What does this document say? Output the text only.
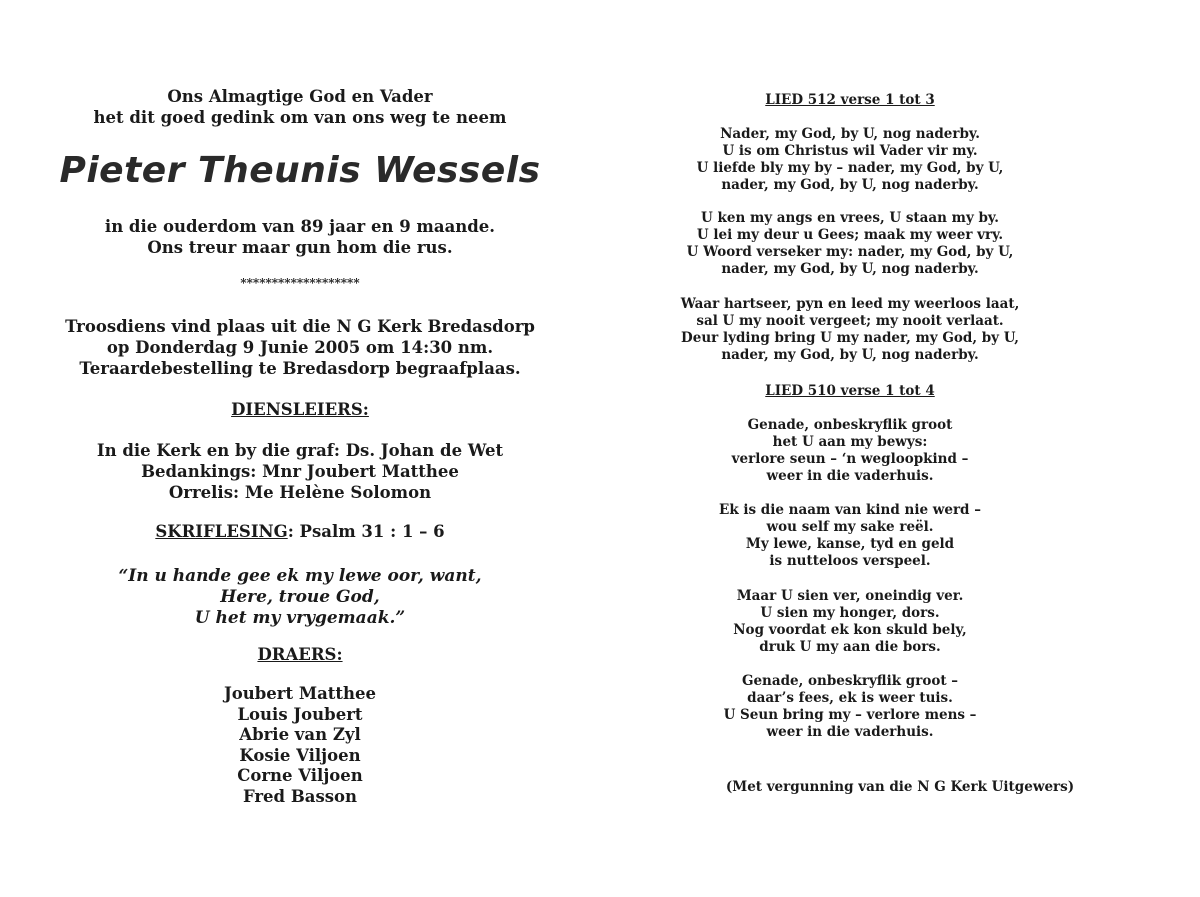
Ons Almagtige God en Vader
het dit goed gedink om van ons weg te neem
Pieter Theunis Wessels
in die ouderdom van 89 jaar en 9 maande.
Ons treur maar gun hom die rus.
*******************
Troosdiens vind plaas uit die N G Kerk Bredasdorp
op Donderdag 9 Junie 2005 om 14:30 nm.
Teraardebestelling te Bredasdorp begraafplaas.
DIENSLEIERS:
In die Kerk en by die graf: Ds. Johan de Wet
Bedankings: Mnr Joubert Matthee
Orrelis: Me Helène Solomon
SKRIFLESING: Psalm 31 : 1 – 6
“In u hande gee ek my lewe oor, want,
Here, troue God,
U het my vrygemaak.”
DRAERS:
Joubert Matthee
Louis Joubert
Abrie van Zyl
Kosie Viljoen
Corne Viljoen
Fred Basson
LIED 512 verse 1 tot 3
Nader, my God, by U, nog naderby.
U is om Christus wil Vader vir my.
U liefde bly my by – nader, my God, by U,
nader, my God, by U, nog naderby.
U ken my angs en vrees, U staan my by.
U lei my deur u Gees; maak my weer vry.
U Woord verseker my: nader, my God, by U,
nader, my God, by U, nog naderby.
Waar hartseer, pyn en leed my weerloos laat,
sal U my nooit vergeet; my nooit verlaat.
Deur lyding bring U my nader, my God, by U,
nader, my God, by U, nog naderby.
LIED 510 verse 1 tot 4
Genade, onbeskryflik groot
het U aan my bewys:
verlore seun – ‘n wegloopkind –
weer in die vaderhuis.
Ek is die naam van kind nie werd –
wou self my sake reël.
My lewe, kanse, tyd en geld
is nutteloos verspeel.
Maar U sien ver, oneindig ver.
U sien my honger, dors.
Nog voordat ek kon skuld bely,
druk U my aan die bors.
Genade, onbeskryflik groot –
daar’s fees, ek is weer tuis.
U Seun bring my – verlore mens –
weer in die vaderhuis.
(Met vergunning van die N G Kerk Uitgewers)
